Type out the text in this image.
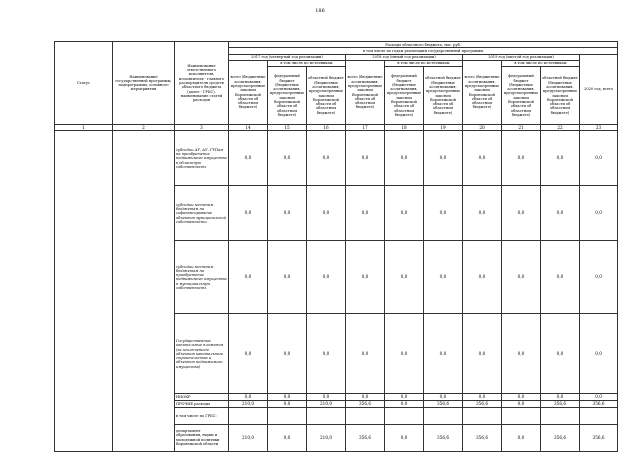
186
Статус	Наименование государственной программы, подпрограммы, основного мероприятия	Наименование ответственного исполнителя, исполнителя - главного распорядителя средств областного бюджета (далее - ГРБС), наименование статей расходов	Расходы областного бюджета, тыс. руб.									
			в том числе по годам реализации государственной программы									
			2017 год (четвертый год реализации)			2018 год (пятый год реализации)			2019 год (шестой год реализации)			2020 год, всего
			всего (бюджетные ассигнования, предусмотренные законом Воронежской области об областном бюджете)	в том числе по источникам		всего (бюджетные ассигнования, предусмотренные законом Воронежской области об областном бюджете)	в том числе по источникам		всего (бюджетные ассигнования, предусмотренные законом Воронежской области об областном бюджете)	в том числе по источникам		
				федеральный бюджет (бюджетные ассигнования, предусмотренные законом Воронежской области об областном бюджете)	областной бюджет (бюджетные ассигнования, предусмотренные законом Воронежской области об областном бюджете)		федеральный бюджет (бюджетные ассигнования, предусмотренные законом Воронежской области об областном бюджете)	областной бюджет (бюджетные ассигнования, предусмотренные законом Воронежской области об областном бюджете)		федеральный бюджет (бюджетные ассигнования, предусмотренные законом Воронежской области об областном бюджете)	областной бюджет (бюджетные ассигнования, предусмотренные законом Воронежской области об областном бюджете)	
1	2	3	14	15	16	17	18	19	20	21	22	23
		субсидии АУ, АУ, ГУПам на приобретение недвижимого имущества в областную собственность	0,0	0,0	0,0	0,0	0,0	0,0	0,0	0,0	0,0	0,0
		субсидии местным бюджетам на софинансирование объектов муниципальной собственности	0,0	0,0	0,0	0,0	0,0	0,0	0,0	0,0	0,0	0,0
		субсидии местным бюджетам на приобретение недвижимого имущества в муниципальную собственность	0,0	0,0	0,0	0,0	0,0	0,0	0,0	0,0	0,0	0,0
		Государственные капитальные вложения (за исключением объектов капитального строительства и объектов недвижимого имущества)	0,0	0,0	0,0	0,0	0,0	0,0	0,0	0,0	0,0	0,0
		НИОКР	0,0	0,0	0,0	0,0	0,0	0,0	0,0	0,0	0,0	0,0
		ПРОЧИЕ расходы	210,0	0,0	210,0	356,6	0,0	356,6	356,6	0,0	356,6	356,6
		в том числе по ГРБС:										
		департамент образования, науки и молодежной политики Воронежской области	210,0	0,0	210,0	356,6	0,0	356,6	356,6	0,0	356,6	356,6
